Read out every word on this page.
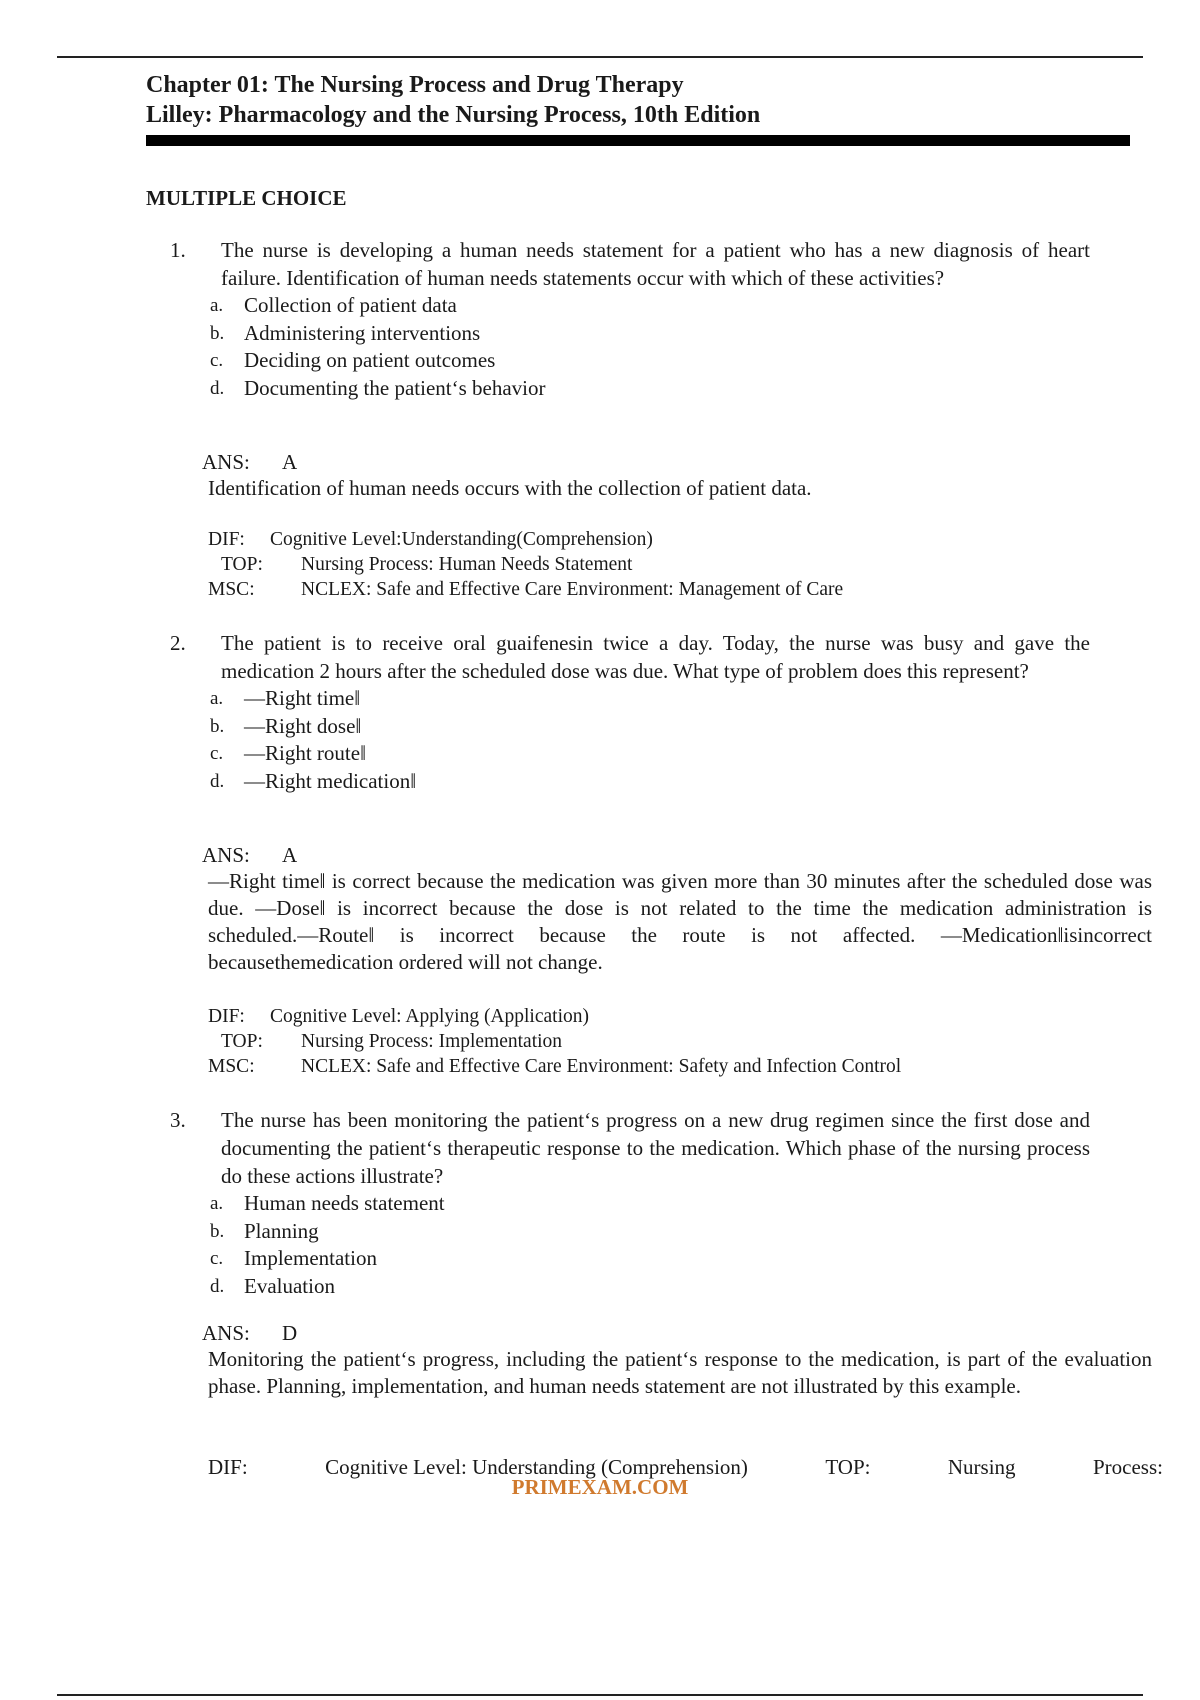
Chapter 01: The Nursing Process and Drug Therapy
Lilley: Pharmacology and the Nursing Process, 10th Edition
MULTIPLE CHOICE
1. The nurse is developing a human needs statement for a patient who has a new diagnosis of heart failure. Identification of human needs statements occur with which of these activities?
a. Collection of patient data
b. Administering interventions
c. Deciding on patient outcomes
d. Documenting the patient‘s behavior
ANS: A
Identification of human needs occurs with the collection of patient data.
DIF: Cognitive Level:Understanding(Comprehension)
TOP: Nursing Process: Human Needs Statement
MSC: NCLEX: Safe and Effective Care Environment: Management of Care
2. The patient is to receive oral guaifenesin twice a day. Today, the nurse was busy and gave the medication 2 hours after the scheduled dose was due. What type of problem does this represent?
a. ―Right timeǁ
b. ―Right doseǁ
c. ―Right routeǁ
d. ―Right medicationǁ
ANS: A
―Right timeǁ is correct because the medication was given more than 30 minutes after the scheduled dose was due. ―Doseǁ is incorrect because the dose is not related to the time the medication administration is scheduled.―Routeǁ is incorrect because the route is not affected. ―Medicationǁisincorrect becausethemedication ordered will not change.
DIF: Cognitive Level: Applying (Application)
TOP: Nursing Process: Implementation
MSC: NCLEX: Safe and Effective Care Environment: Safety and Infection Control
3. The nurse has been monitoring the patient‘s progress on a new drug regimen since the first dose and documenting the patient‘s therapeutic response to the medication. Which phase of the nursing process do these actions illustrate?
a. Human needs statement
b. Planning
c. Implementation
d. Evaluation
ANS: D
Monitoring the patient‘s progress, including the patient‘s response to the medication, is part of the evaluation phase. Planning, implementation, and human needs statement are not illustrated by this example.
DIF:	Cognitive Level: Understanding (Comprehension)	TOP:	Nursing	Process:
PRIMEXAM.COM
